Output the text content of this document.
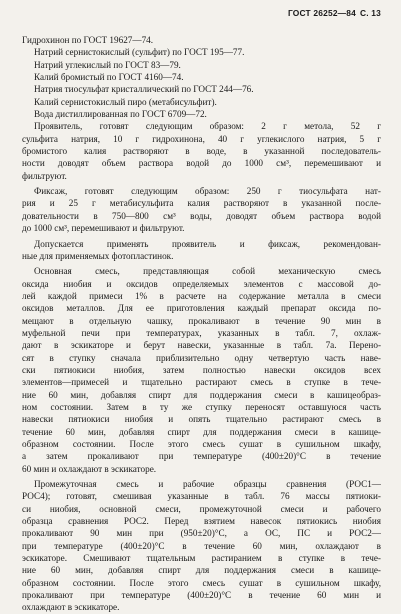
ГОСТ 26252—84 С. 13
Гидрохинон по ГОСТ 19627—74.
Натрий сернистокислый (сульфит) по ГОСТ 195—77.
Натрий углекислый по ГОСТ 83—79.
Калий бромистый по ГОСТ 4160—74.
Натрия тиосульфат кристаллический по ГОСТ 244—76.
Калий сернистокислый пиро (метабисульфит).
Вода дистиллированная по ГОСТ 6709—72.
Проявитель, готовят следующим образом: 2 г метола, 52 г
сульфита натрия, 10 г гидрохинона, 40 г углекислого натрия, 5 г
бромистого калия растворяют в воде, в указанной последователь-
ности доводят объем раствора водой до 1000 см³, перемешивают и
фильтруют.
Фиксаж, готовят следующим образом: 250 г тиосульфата нат-
рия и 25 г метабисульфита калия растворяют в указанной после-
довательности в 750—800 см³ воды, доводят объем раствора водой
до 1000 см³, перемешивают и фильтруют.
Допускается применять проявитель и фиксаж, рекомендован-
ные для применяемых фотопластинок.
Основная смесь, представляющая собой механическую смесь
оксида ниобия и оксидов определяемых элементов с массовой до-
лей каждой примеси 1% в расчете на содержание металла в смеси
оксидов металлов. Для ее приготовления каждый препарат оксида по-
мещают в отдельную чашку, прокаливают в течение 90 мин в
муфельной печи при температурах, указанных в табл. 7, охлаж-
дают в эскикаторе и берут навески, указанные в табл. 7а. Перено-
сят в ступку сначала приблизительно одну четвертую часть наве-
ски пятиокиси ниобия, затем полностью навески оксидов всех
элементов—примесей и тщательно растирают смесь в ступке в тече-
ние 60 мин, добавляя спирт для поддержания смеси в кашицеобраз-
ном состоянии. Затем в ту же ступку переносят оставшуюся часть
навески пятиокиси ниобия и опять тщательно растирают смесь в
течение 60 мин, добавляя спирт для поддержания смеси в кашице-
образном состоянии. После этого смесь сушат в сушильном шкафу,
а затем прокаливают при температуре (400±20)°С в течение
60 мин и охлаждают в эскикаторе.
Промежуточная смесь и рабочие образцы сравнения (РОС1—
РОС4); готовят, смешивая указанные в табл. 76 массы пятиоки-
си ниобия, основной смеси, промежуточной смеси и рабочего
образца сравнения РОС2. Перед взятием навесок пятиокись ниобия
прокаливают 90 мин при (950±20)°С, а ОС, ПС и РОС2—
при температуре (400±20)°С в течение 60 мин, охлаждают в
эскикаторе. Смешивают тщательным растиранием в ступке в тече-
ние 60 мин, добавляя спирт для поддержания смеси в кашице-
образном состоянии. После этого смесь сушат в сушильном шкафу,
прокаливают при температуре (400±20)°С в течение 60 мин и
охлаждают в эскикаторе.
